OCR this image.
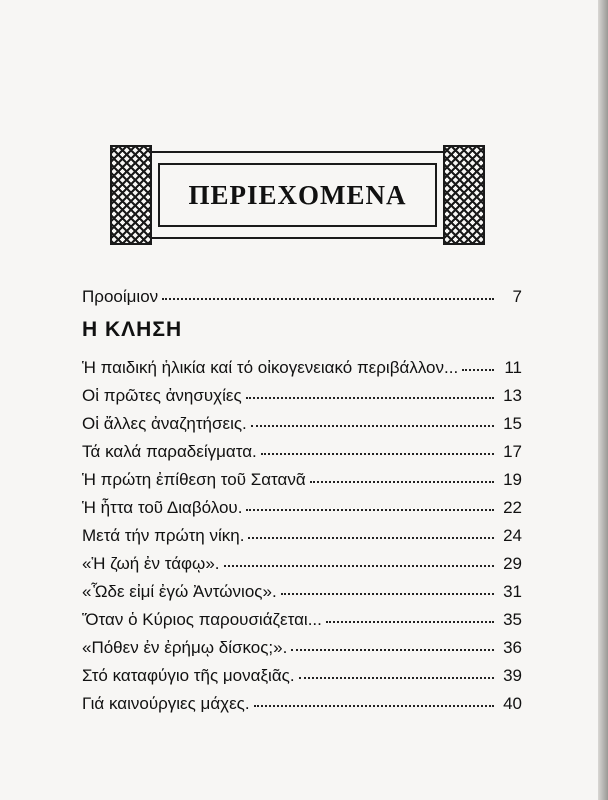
ΠΕΡΙΕΧΟΜΕΝΑ
Προοίμιον	7
Η ΚΛΗΣΗ
Ἡ παιδική ἡλικία καί τό οἰκογενειακό περιβάλλον...	11
Οἱ πρῶτες ἀνησυχίες	13
Οἱ ἄλλες ἀναζητήσεις.	15
Τά καλά παραδείγματα.	17
Ἡ πρώτη ἐπίθεση τοῦ Σατανᾶ	19
Ἡ ἧττα τοῦ Διαβόλου.	22
Μετά τήν πρώτη νίκη.	24
«Ἡ ζωή ἐν τάφῳ».	29
«Ὧδε εἰμί ἐγώ Ἀντώνιος».	31
Ὅταν ὁ Κύριος παρουσιάζεται...	35
«Πόθεν ἐν ἐρήμῳ δίσκος;».	36
Στό καταφύγιο τῆς μοναξιᾶς.	39
Γιά καινούργιες μάχες.	40
